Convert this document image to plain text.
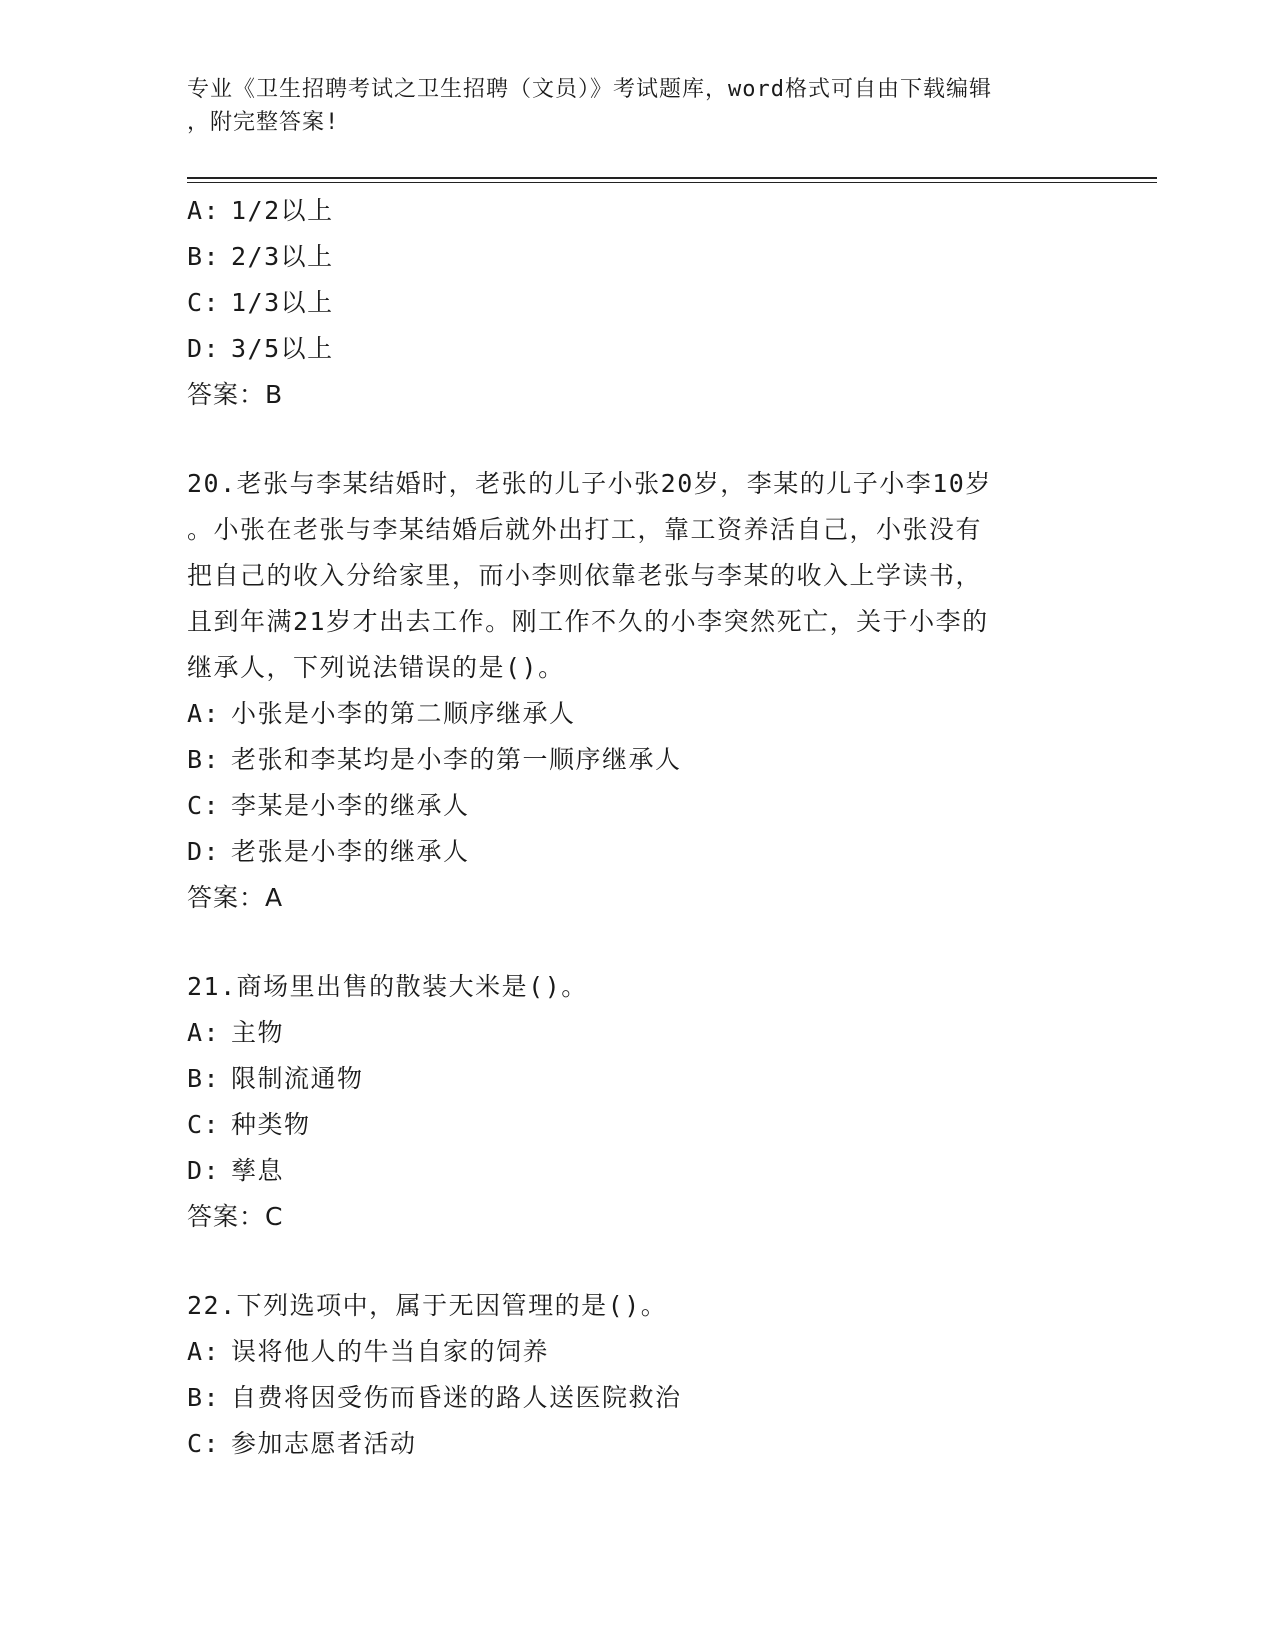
专业《卫生招聘考试之卫生招聘（文员）》考试题库，word格式可自由下载编辑
，附完整答案!
A: 1/2以上
B: 2/3以上
C: 1/3以上
D: 3/5以上
答案：B
20.老张与李某结婚时，老张的儿子小张20岁，李某的儿子小李10岁
。小张在老张与李某结婚后就外出打工，靠工资养活自己，小张没有
把自己的收入分给家里，而小李则依靠老张与李某的收入上学读书，
且到年满21岁才出去工作。刚工作不久的小李突然死亡，关于小李的
继承人，下列说法错误的是()。
A: 小张是小李的第二顺序继承人
B: 老张和李某均是小李的第一顺序继承人
C: 李某是小李的继承人
D: 老张是小李的继承人
答案：A
21.商场里出售的散装大米是()。
A: 主物
B: 限制流通物
C: 种类物
D: 孳息
答案：C
22.下列选项中，属于无因管理的是()。
A: 误将他人的牛当自家的饲养
B: 自费将因受伤而昏迷的路人送医院救治
C: 参加志愿者活动
